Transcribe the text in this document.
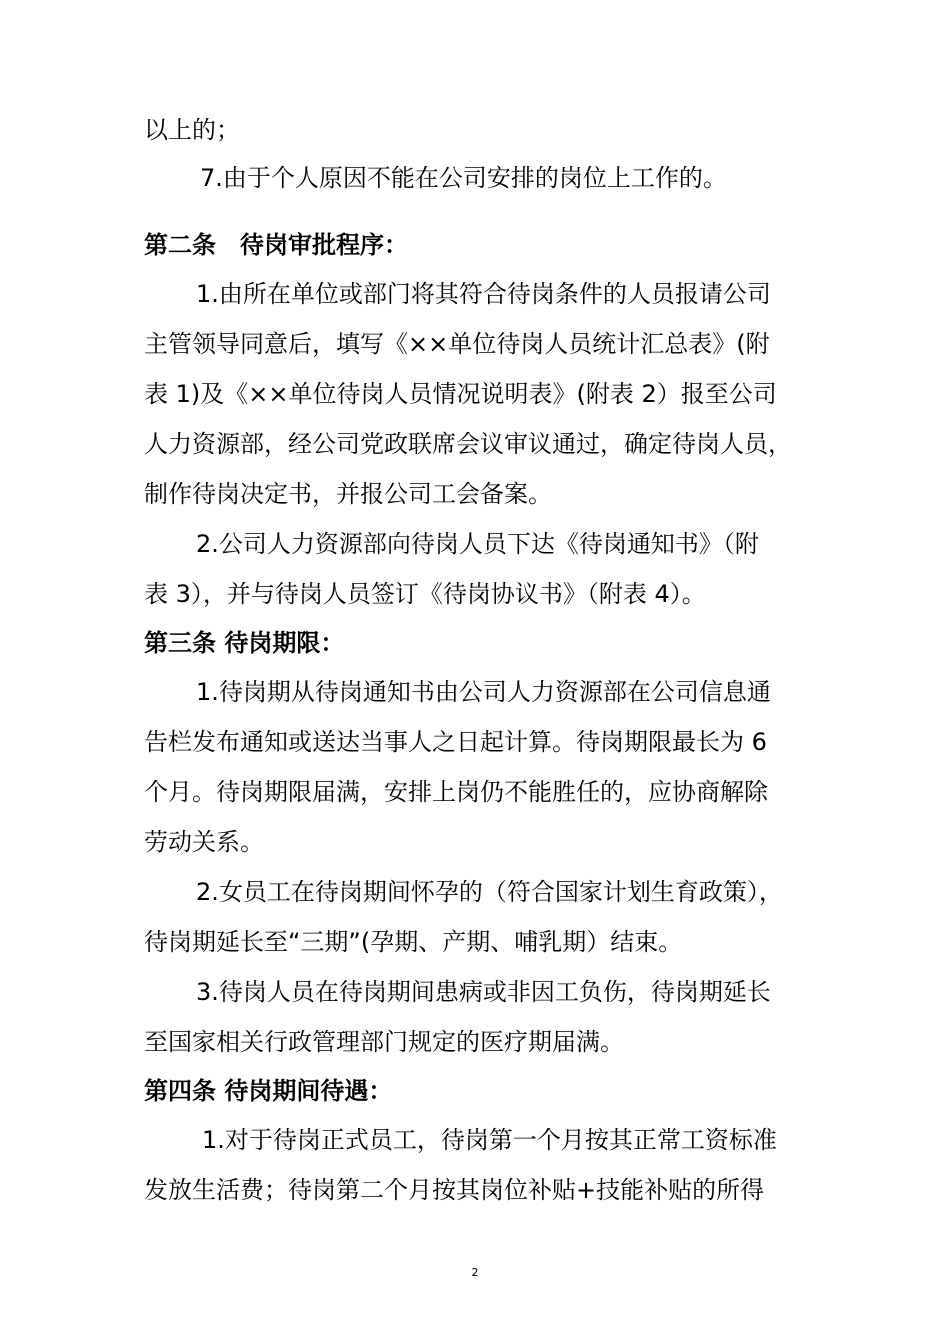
以上的；
7.由于个人原因不能在公司安排的岗位上工作的。
第二条　待岗审批程序：
1.由所在单位或部门将其符合待岗条件的人员报请公司
主管领导同意后，填写《××单位待岗人员统计汇总表》(附
表 1)及《××单位待岗人员情况说明表》(附表 2）报至公司
人力资源部，经公司党政联席会议审议通过，确定待岗人员，
制作待岗决定书，并报公司工会备案。
2.公司人力资源部向待岗人员下达《待岗通知书》（附
表 3），并与待岗人员签订《待岗协议书》（附表 4）。
第三条 待岗期限：
1.待岗期从待岗通知书由公司人力资源部在公司信息通
告栏发布通知或送达当事人之日起计算。待岗期限最长为 6
个月。待岗期限届满，安排上岗仍不能胜任的，应协商解除
劳动关系。
2.女员工在待岗期间怀孕的（符合国家计划生育政策），
待岗期延长至“三期”(孕期、产期、哺乳期）结束。
3.待岗人员在待岗期间患病或非因工负伤，待岗期延长
至国家相关行政管理部门规定的医疗期届满。
第四条 待岗期间待遇：
1.对于待岗正式员工，待岗第一个月按其正常工资标准
发放生活费；待岗第二个月按其岗位补贴+技能补贴的所得
2
